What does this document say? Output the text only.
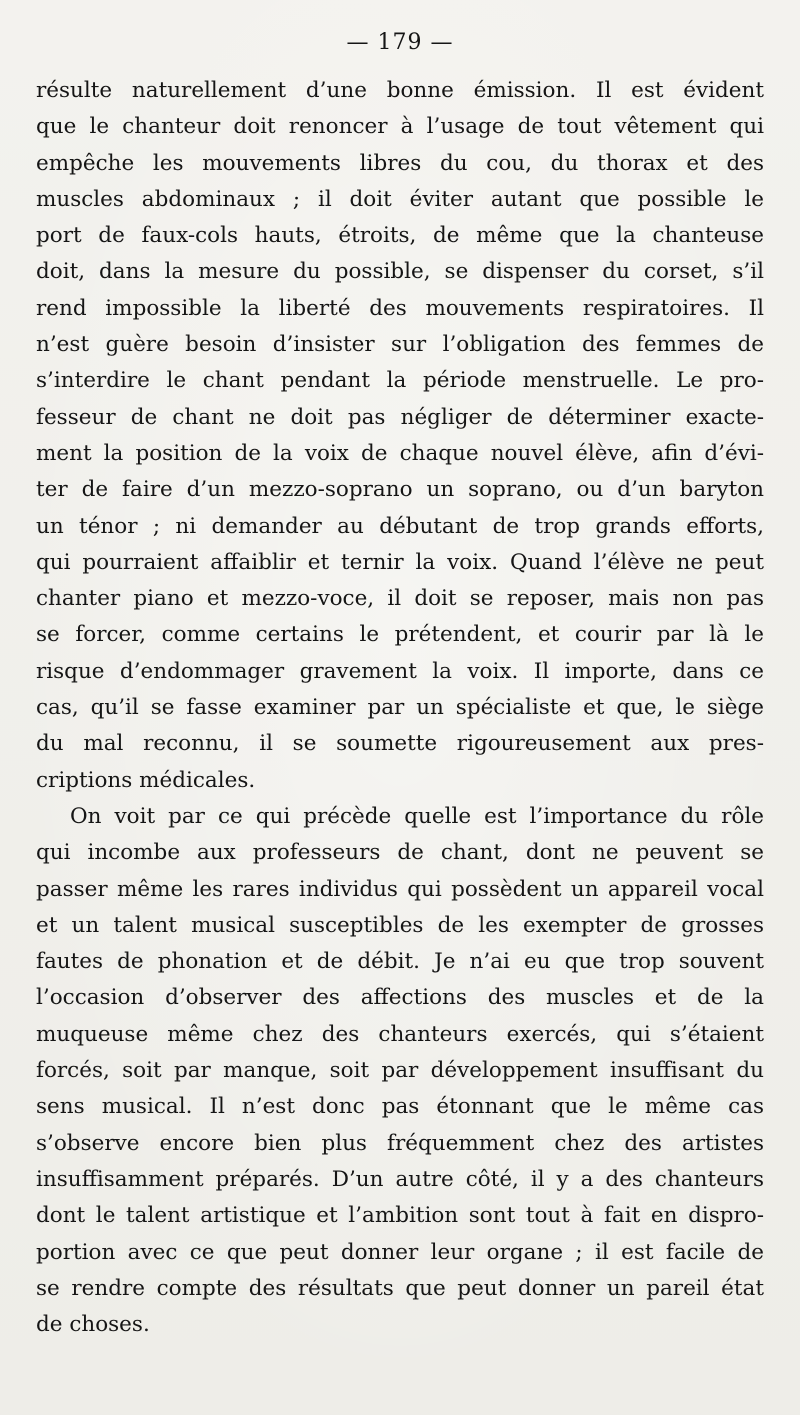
— 179 —
résulte naturellement d’une bonne émission. Il est évident
que le chanteur doit renoncer à l’usage de tout vêtement qui
empêche les mouvements libres du cou, du thorax et des
muscles abdominaux ; il doit éviter autant que possible le
port de faux-cols hauts, étroits, de même que la chanteuse
doit, dans la mesure du possible, se dispenser du corset, s’il
rend impossible la liberté des mouvements respiratoires. Il
n’est guère besoin d’insister sur l’obligation des femmes de
s’interdire le chant pendant la période menstruelle. Le pro-
fesseur de chant ne doit pas négliger de déterminer exacte-
ment la position de la voix de chaque nouvel élève, afin d’évi-
ter de faire d’un mezzo-soprano un soprano, ou d’un baryton
un ténor ; ni demander au débutant de trop grands efforts,
qui pourraient affaiblir et ternir la voix. Quand l’élève ne peut
chanter piano et mezzo-voce, il doit se reposer, mais non pas
se forcer, comme certains le prétendent, et courir par là le
risque d’endommager gravement la voix. Il importe, dans ce
cas, qu’il se fasse examiner par un spécialiste et que, le siège
du mal reconnu, il se soumette rigoureusement aux pres-
criptions médicales.
On voit par ce qui précède quelle est l’importance du rôle
qui incombe aux professeurs de chant, dont ne peuvent se
passer même les rares individus qui possèdent un appareil vocal
et un talent musical susceptibles de les exempter de grosses
fautes de phonation et de débit. Je n’ai eu que trop souvent
l’occasion d’observer des affections des muscles et de la
muqueuse même chez des chanteurs exercés, qui s’étaient
forcés, soit par manque, soit par développement insuffisant du
sens musical. Il n’est donc pas étonnant que le même cas
s’observe encore bien plus fréquemment chez des artistes
insuffisamment préparés. D’un autre côté, il y a des chanteurs
dont le talent artistique et l’ambition sont tout à fait en dispro-
portion avec ce que peut donner leur organe ; il est facile de
se rendre compte des résultats que peut donner un pareil état
de choses.
